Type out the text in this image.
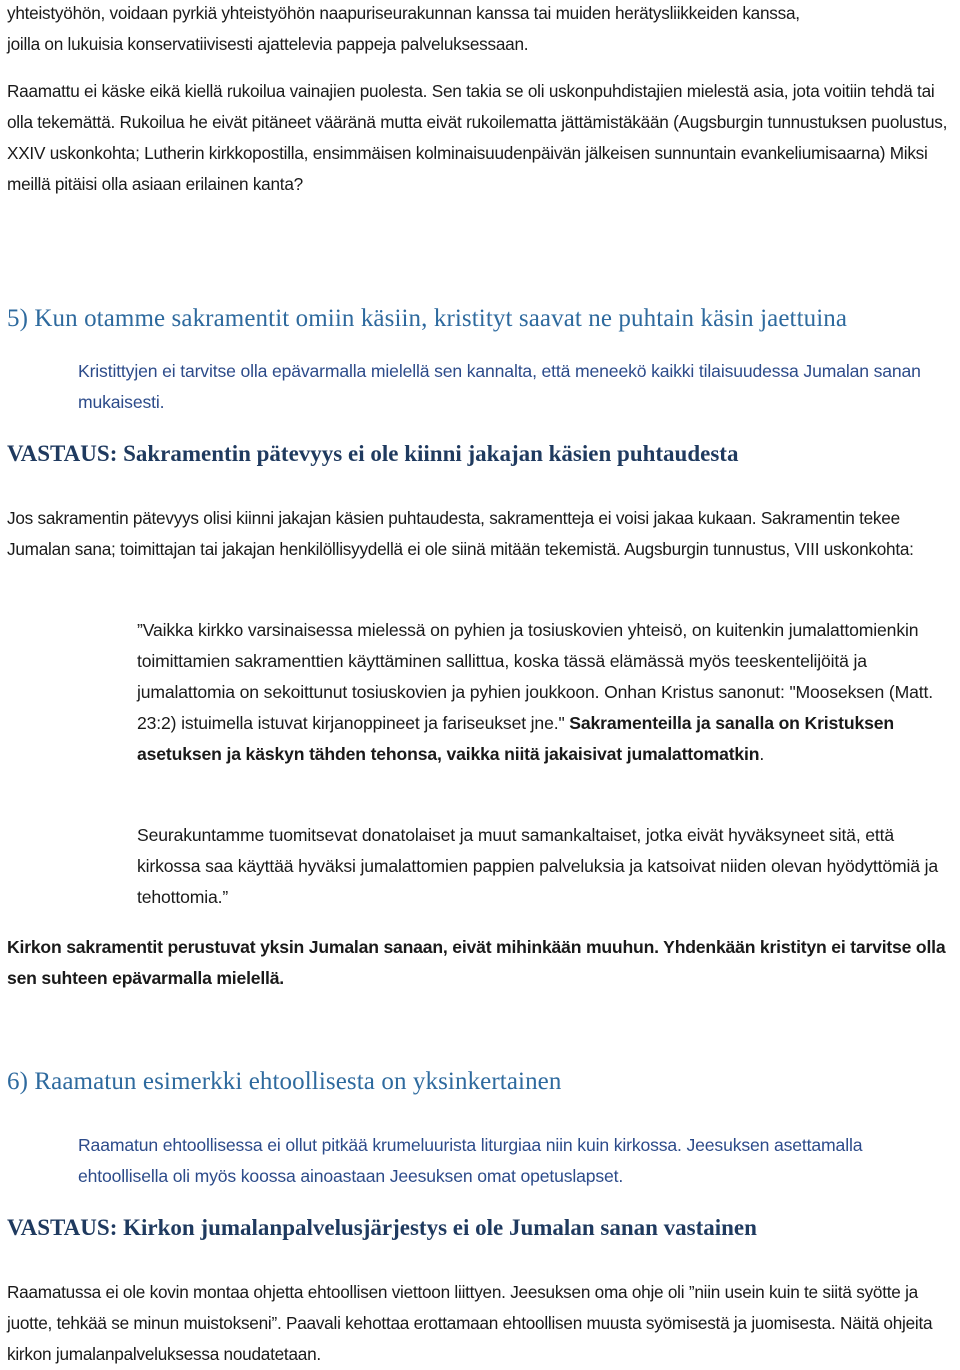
yhteistyöhön, voidaan pyrkiä yhteistyöhön naapuriseurakunnan kanssa tai muiden herätysliikkeiden kanssa,
joilla on lukuisia konservatiivisesti ajattelevia pappeja palveluksessaan.

Raamattu ei käske eikä kiellä rukoilua vainajien puolesta. Sen takia se oli uskonpuhdistajien mielestä asia, jota voitiin tehdä tai olla tekemättä. Rukoilua he eivät pitäneet vääränä mutta eivät rukoilematta jättämistäkään (Augsburgin tunnustuksen puolustus, XXIV uskonkohta; Lutherin kirkkopostilla, ensimmäisen kolminaisuudenpäivän jälkeisen sunnuntain evankeliumisaarna) Miksi meillä pitäisi olla asiaan erilainen kanta?

5) Kun otamme sakramentit omiin käsiin, kristityt saavat ne puhtain käsin jaettuina

Kristittyjen ei tarvitse olla epävarmalla mielellä sen kannalta, että meneekö kaikki tilaisuudessa Jumalan sanan mukaisesti.

VASTAUS: Sakramentin pätevyys ei ole kiinni jakajan käsien puhtaudesta

Jos sakramentin pätevyys olisi kiinni jakajan käsien puhtaudesta, sakramentteja ei voisi jakaa kukaan. Sakramentin tekee Jumalan sana; toimittajan tai jakajan henkilöllisyydellä ei ole siinä mitään tekemistä. Augsburgin tunnustus, VIII uskonkohta:

”Vaikka kirkko varsinaisessa mielessä on pyhien ja tosiuskovien yhteisö, on kuitenkin jumalattomienkin toimittamien sakramenttien käyttäminen sallittua, koska tässä elämässä myös teeskentelijöitä ja jumalattomia on sekoittunut tosiuskovien ja pyhien joukkoon. Onhan Kristus sanonut: "Mooseksen (Matt. 23:2) istuimella istuvat kirjanoppineet ja fariseukset jne." Sakramenteilla ja sanalla on Kristuksen asetuksen ja käskyn tähden tehonsa, vaikka niitä jakaisivat jumalattomatkin.

Seurakuntamme tuomitsevat donatolaiset ja muut samankaltaiset, jotka eivät hyväksyneet sitä, että kirkossa saa käyttää hyväksi jumalattomien pappien palveluksia ja katsoivat niiden olevan hyödyttömiä ja tehottomia.”

Kirkon sakramentit perustuvat yksin Jumalan sanaan, eivät mihinkään muuhun. Yhdenkään kristityn ei tarvitse olla sen suhteen epävarmalla mielellä.

6) Raamatun esimerkki ehtoollisesta on yksinkertainen

Raamatun ehtoollisessa ei ollut pitkää krumeluurista liturgiaa niin kuin kirkossa. Jeesuksen asettamalla ehtoollisella oli myös koossa ainoastaan Jeesuksen omat opetuslapset.

VASTAUS: Kirkon jumalanpalvelusjärjestys ei ole Jumalan sanan vastainen

Raamatussa ei ole kovin montaa ohjetta ehtoollisen viettoon liittyen. Jeesuksen oma ohje oli ”niin usein kuin te siitä syötte ja juotte, tehkää se minun muistokseni”. Paavali kehottaa erottamaan ehtoollisen muusta syömisestä ja juomisesta. Näitä ohjeita kirkon jumalanpalveluksessa noudatetaan.
